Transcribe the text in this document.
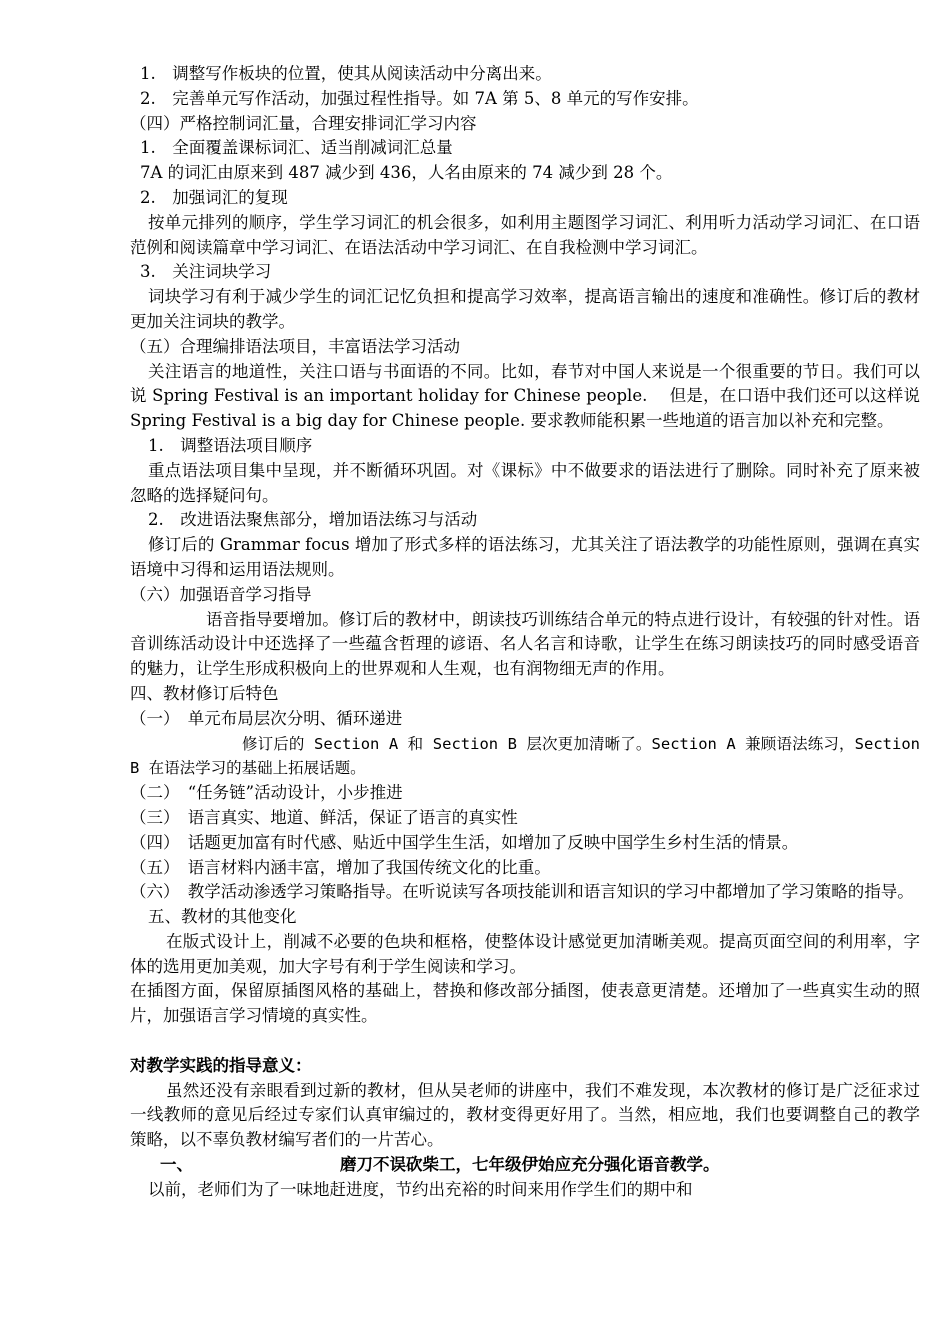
1.　调整写作板块的位置，使其从阅读活动中分离出来。
2.　完善单元写作活动，加强过程性指导。如 7A 第 5、8 单元的写作安排。
（四）严格控制词汇量，合理安排词汇学习内容
1.　全面覆盖课标词汇、适当削减词汇总量
7A 的词汇由原来到 487 减少到 436，人名由原来的 74 减少到 28 个。
2.　加强词汇的复现
按单元排列的顺序，学生学习词汇的机会很多，如利用主题图学习词汇、利用听力活动学习词汇、在口语范例和阅读篇章中学习词汇、在语法活动中学习词汇、在自我检测中学习词汇。
3.　关注词块学习
词块学习有利于减少学生的词汇记忆负担和提高学习效率，提高语言输出的速度和准确性。修订后的教材更加关注词块的教学。
（五）合理编排语法项目，丰富语法学习活动
关注语言的地道性，关注口语与书面语的不同。比如，春节对中国人来说是一个很重要的节日。我们可以说 Spring Festival is an important holiday for Chinese people.　 但是，在口语中我们还可以这样说 Spring Festival is a big day for Chinese people. 要求教师能积累一些地道的语言加以补充和完整。
1.　调整语法项目顺序
重点语法项目集中呈现，并不断循环巩固。对《课标》中不做要求的语法进行了删除。同时补充了原来被忽略的选择疑问句。
2.　改进语法聚焦部分，增加语法练习与活动
修订后的 Grammar focus 增加了形式多样的语法练习，尤其关注了语法教学的功能性原则，强调在真实语境中习得和运用语法规则。
（六）加强语音学习指导
语音指导要增加。修订后的教材中，朗读技巧训练结合单元的特点进行设计，有较强的针对性。语音训练活动设计中还选择了一些蕴含哲理的谚语、名人名言和诗歌，让学生在练习朗读技巧的同时感受语音的魅力，让学生形成积极向上的世界观和人生观，也有润物细无声的作用。
四、教材修订后特色
（一）　单元布局层次分明、循环递进
修订后的 Section A 和 Section B 层次更加清晰了。Section A 兼顾语法练习，Section B 在语法学习的基础上拓展话题。
（二）　“任务链”活动设计，小步推进
（三）　语言真实、地道、鲜活，保证了语言的真实性
（四）　话题更加富有时代感、贴近中国学生生活，如增加了反映中国学生乡村生活的情景。
（五）　语言材料内涵丰富，增加了我国传统文化的比重。
（六）　教学活动渗透学习策略指导。在听说读写各项技能训和语言知识的学习中都增加了学习策略的指导。
五、教材的其他变化
在版式设计上，削减不必要的色块和框格，使整体设计感觉更加清晰美观。提高页面空间的利用率，字体的选用更加美观，加大字号有利于学生阅读和学习。
在插图方面，保留原插图风格的基础上，替换和修改部分插图，使表意更清楚。还增加了一些真实生动的照片，加强语言学习情境的真实性。
对教学实践的指导意义：
虽然还没有亲眼看到过新的教材，但从吴老师的讲座中，我们不难发现，本次教材的修订是广泛征求过一线教师的意见后经过专家们认真审编过的，教材变得更好用了。当然，相应地，我们也要调整自己的教学策略，以不辜负教材编写者们的一片苦心。
一、	磨刀不误砍柴工，七年级伊始应充分强化语音教学。
以前，老师们为了一味地赶进度，节约出充裕的时间来用作学生们的期中和
